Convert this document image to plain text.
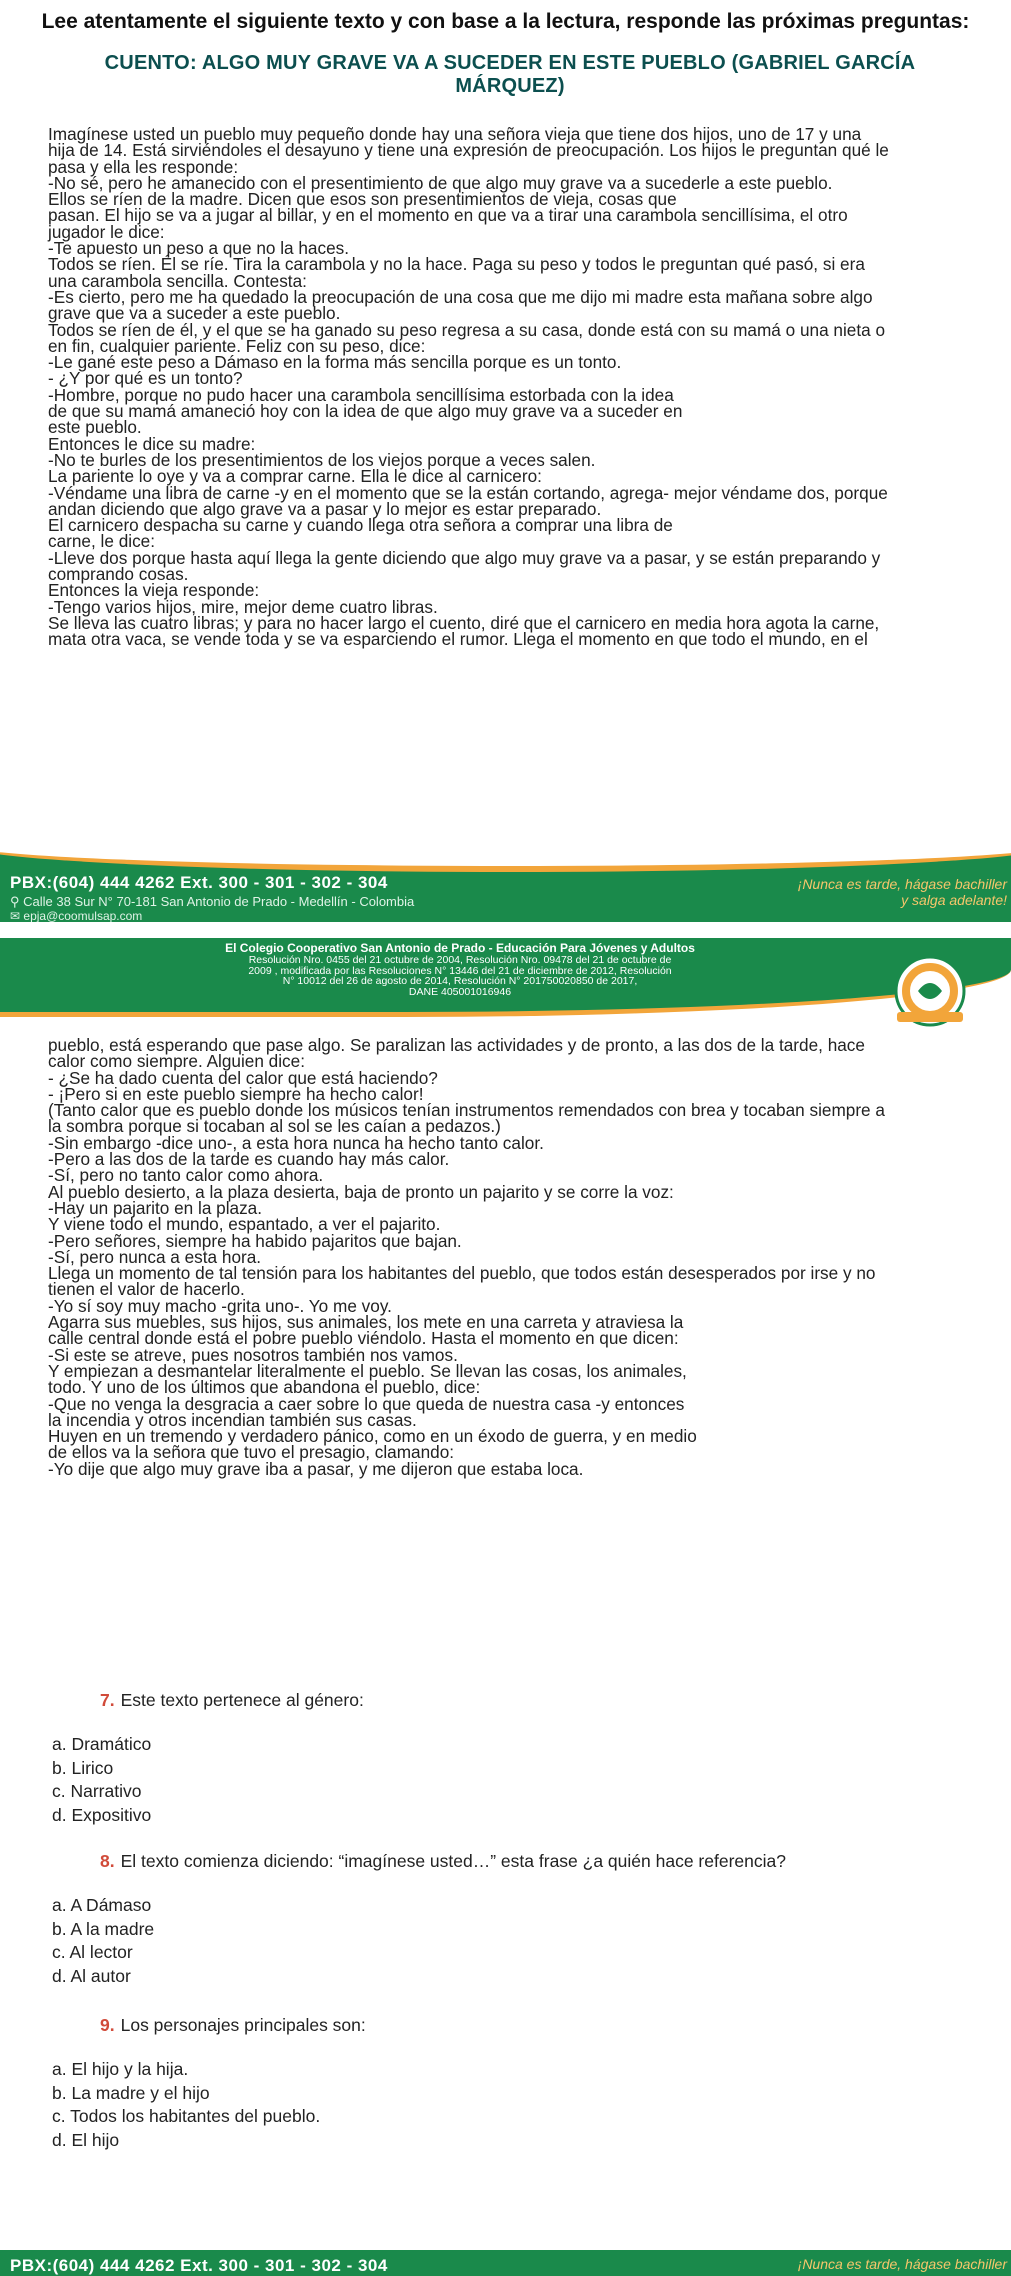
Lee atentamente el siguiente texto y con base a la lectura, responde las próximas preguntas:
CUENTO: ALGO MUY GRAVE VA A SUCEDER EN ESTE PUEBLO (GABRIEL GARCÍA MÁRQUEZ)

Imagínese usted un pueblo muy pequeño donde hay una señora vieja que tiene dos hijos, uno de 17 y una

hija de 14. Está sirviéndoles el desayuno y tiene una expresión de preocupación. Los hijos le preguntan qué le

pasa y ella les responde:

-No sé, pero he amanecido con el presentimiento de que algo muy grave va a sucederle a este pueblo.

Ellos se ríen de la madre. Dicen que esos son presentimientos de vieja, cosas que

pasan. El hijo se va a jugar al billar, y en el momento en que va a tirar una carambola sencillísima, el otro

jugador le dice:

-Te apuesto un peso a que no la haces.

Todos se ríen. Él se ríe. Tira la carambola y no la hace. Paga su peso y todos le preguntan qué pasó, si era

una carambola sencilla. Contesta:

-Es cierto, pero me ha quedado la preocupación de una cosa que me dijo mi madre esta mañana sobre algo

grave que va a suceder a este pueblo.

Todos se ríen de él, y el que se ha ganado su peso regresa a su casa, donde está con su mamá o una nieta o

en fin, cualquier pariente. Feliz con su peso, dice:

-Le gané este peso a Dámaso en la forma más sencilla porque es un tonto.

- ¿Y por qué es un tonto?

-Hombre, porque no pudo hacer una carambola sencillísima estorbada con la idea

de que su mamá amaneció hoy con la idea de que algo muy grave va a suceder en

este pueblo.

Entonces le dice su madre:

-No te burles de los presentimientos de los viejos porque a veces salen.

La pariente lo oye y va a comprar carne. Ella le dice al carnicero:

-Véndame una libra de carne -y en el momento que se la están cortando, agrega- mejor véndame dos, porque

andan diciendo que algo grave va a pasar y lo mejor es estar preparado.

El carnicero despacha su carne y cuando llega otra señora a comprar una libra de

carne, le dice:

-Lleve dos porque hasta aquí llega la gente diciendo que algo muy grave va a pasar, y se están preparando y

comprando cosas.

Entonces la vieja responde:

-Tengo varios hijos, mire, mejor deme cuatro libras.

Se lleva las cuatro libras; y para no hacer largo el cuento, diré que el carnicero en media hora agota la carne,

mata otra vaca, se vende toda y se va esparciendo el rumor. Llega el momento en que todo el mundo, en el

PBX:(604) 444 4262 Ext. 300 - 301 - 302 - 304
⚲ Calle 38 Sur N° 70-181 San Antonio de Prado - Medellín - Colombia
✉ epja@coomulsap.com
¡Nunca es tarde, hágase bachiller
y salga adelante!
El Colegio Cooperativo San Antonio de Prado - Educación Para Jóvenes y Adultos
Resolución Nro. 0455 del 21 octubre de 2004, Resolución Nro. 09478 del 21 de octubre de
2009 , modificada por las Resoluciones N° 13446 del 21 de diciembre de 2012, Resolución
N° 10012 del 26 de agosto de 2014, Resolución N° 201750020850 de 2017,
DANE 405001016946

pueblo, está esperando que pase algo. Se paralizan las actividades y de pronto, a las dos de la tarde, hace

calor como siempre. Alguien dice:

- ¿Se ha dado cuenta del calor que está haciendo?

- ¡Pero si en este pueblo siempre ha hecho calor!

(Tanto calor que es pueblo donde los músicos tenían instrumentos remendados con brea y tocaban siempre a

la sombra porque si tocaban al sol se les caían a pedazos.)

-Sin embargo -dice uno-, a esta hora nunca ha hecho tanto calor.

-Pero a las dos de la tarde es cuando hay más calor.

-Sí, pero no tanto calor como ahora.

Al pueblo desierto, a la plaza desierta, baja de pronto un pajarito y se corre la voz:

-Hay un pajarito en la plaza.

Y viene todo el mundo, espantado, a ver el pajarito.

-Pero señores, siempre ha habido pajaritos que bajan.

-Sí, pero nunca a esta hora.

Llega un momento de tal tensión para los habitantes del pueblo, que todos están desesperados por irse y no

tienen el valor de hacerlo.

-Yo sí soy muy macho -grita uno-. Yo me voy.

Agarra sus muebles, sus hijos, sus animales, los mete en una carreta y atraviesa la

calle central donde está el pobre pueblo viéndolo. Hasta el momento en que dicen:

-Si este se atreve, pues nosotros también nos vamos.

Y empiezan a desmantelar literalmente el pueblo. Se llevan las cosas, los animales,

todo. Y uno de los últimos que abandona el pueblo, dice:

-Que no venga la desgracia a caer sobre lo que queda de nuestra casa -y entonces

la incendia y otros incendian también sus casas.

Huyen en un tremendo y verdadero pánico, como en un éxodo de guerra, y en medio

de ellos va la señora que tuvo el presagio, clamando:

-Yo dije que algo muy grave iba a pasar, y me dijeron que estaba loca.

7. Este texto pertenece al género:
a. Dramático
b. Lirico
c. Narrativo
d. Expositivo
8. El texto comienza diciendo: “imagínese usted…” esta frase ¿a quién hace referencia?
a. A Dámaso
b. A la madre
c. Al lector
d. Al autor
9. Los personajes principales son:
a. El hijo y la hija.
b. La madre y el hijo
c. Todos los habitantes del pueblo.
d. El hijo
PBX:(604) 444 4262 Ext. 300 - 301 - 302 - 304	¡Nunca es tarde, hágase bachiller
